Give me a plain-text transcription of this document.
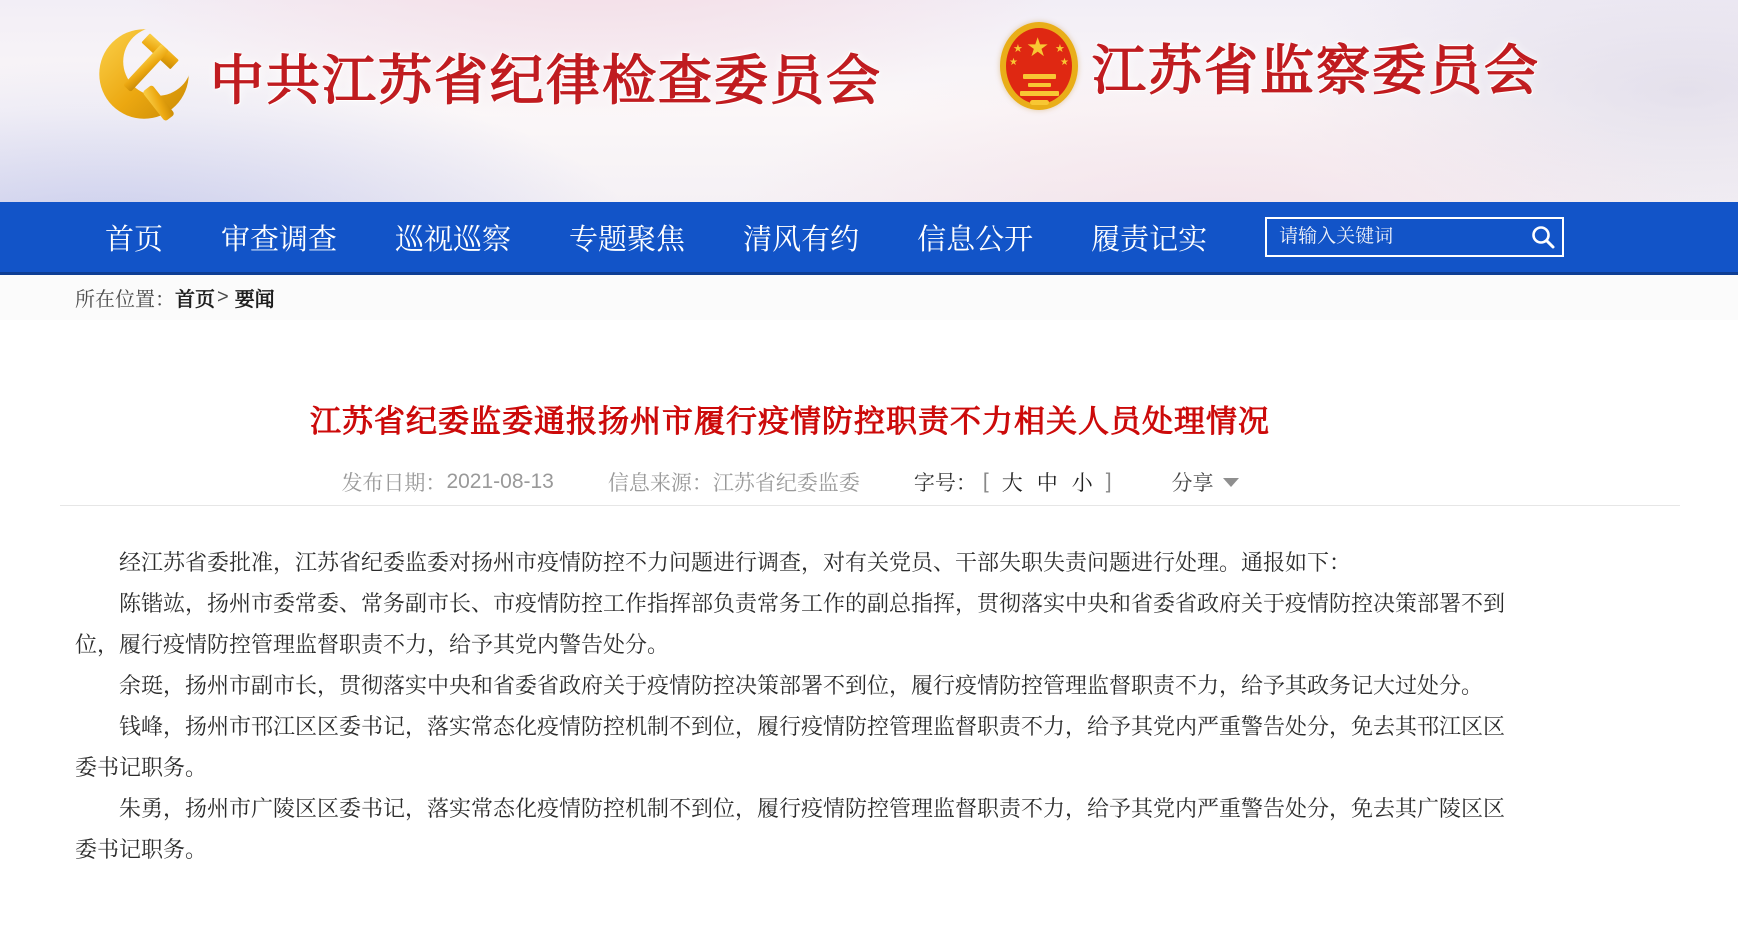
中共江苏省纪律检查委员会
★
★	★
★	★ 江苏省监察委员会
首页 审查调查 巡视巡察 专题聚焦 清风有约 信息公开 履责记实
请输入关键词
所在位置： 首页 > 要闻
江苏省纪委监委通报扬州市履行疫情防控职责不力相关人员处理情况
发布日期： 2021-08-13	信息来源： 江苏省纪委监委	字号： [ 大 中 小 ]	分享

经江苏省委批准，江苏省纪委监委对扬州市疫情防控不力问题进行调查，对有关党员、干部失职失责问题进行处理。通报如下：

陈锴竑，扬州市委常委、常务副市长、市疫情防控工作指挥部负责常务工作的副总指挥，贯彻落实中央和省委省政府关于疫情防控决策部署不到位，履行疫情防控管理监督职责不力，给予其党内警告处分。

余珽，扬州市副市长，贯彻落实中央和省委省政府关于疫情防控决策部署不到位，履行疫情防控管理监督职责不力，给予其政务记大过处分。

钱峰，扬州市邗江区区委书记，落实常态化疫情防控机制不到位，履行疫情防控管理监督职责不力，给予其党内严重警告处分，免去其邗江区区委书记职务。

朱勇，扬州市广陵区区委书记，落实常态化疫情防控机制不到位，履行疫情防控管理监督职责不力，给予其党内严重警告处分，免去其广陵区区委书记职务。
